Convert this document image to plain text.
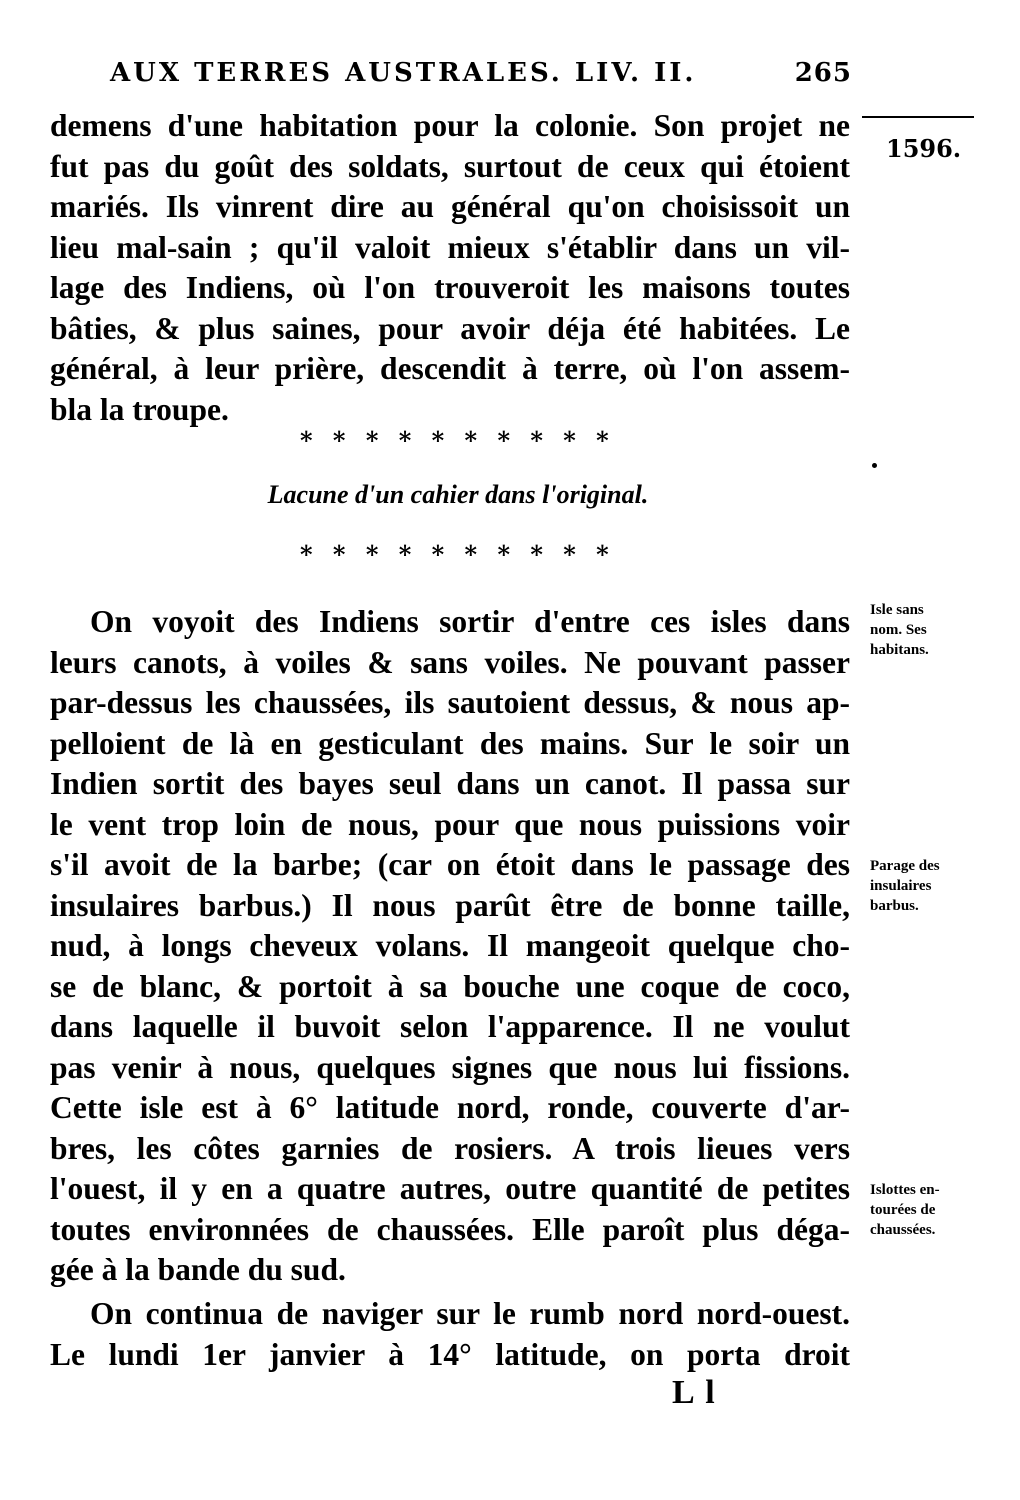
AUX TERRES AUSTRALES. LIV. II.	265
1596.
demens d'une habitation pour la colonie. Son projet ne
fut pas du goût des soldats, surtout de ceux qui étoient
mariés. Ils vinrent dire au général qu'on choisissoit un
lieu mal-sain ; qu'il valoit mieux s'établir dans un vil-
lage des Indiens, où l'on trouveroit les maisons toutes
bâties, & plus saines, pour avoir déja été habitées. Le
général, à leur prière, descendit à terre, où l'on assem-
bla la troupe.
* * * * * * * * * *
Lacune d'un cahier dans l'original.
* * * * * * * * * *
On voyoit des Indiens sortir d'entre ces isles dans
leurs canots, à voiles & sans voiles. Ne pouvant passer
par-dessus les chaussées, ils sautoient dessus, & nous ap-
pelloient de là en gesticulant des mains. Sur le soir un
Indien sortit des bayes seul dans un canot. Il passa sur
le vent trop loin de nous, pour que nous puissions voir
s'il avoit de la barbe; (car on étoit dans le passage des
insulaires barbus.) Il nous parût être de bonne taille,
nud, à longs cheveux volans. Il mangeoit quelque cho-
se de blanc, & portoit à sa bouche une coque de coco,
dans laquelle il buvoit selon l'apparence. Il ne voulut
pas venir à nous, quelques signes que nous lui fissions.
Cette isle est à 6° latitude nord, ronde, couverte d'ar-
bres, les côtes garnies de rosiers. A trois lieues vers
l'ouest, il y en a quatre autres, outre quantité de petites
toutes environnées de chaussées. Elle paroît plus déga-
gée à la bande du sud.
On continua de naviger sur le rumb nord nord-ouest.
Le lundi 1er janvier à 14° latitude, on porta droit
L l
Isle sans
nom. Ses
habitans.
Parage des
insulaires
barbus.
Islottes en-
tourées de
chaussées.
